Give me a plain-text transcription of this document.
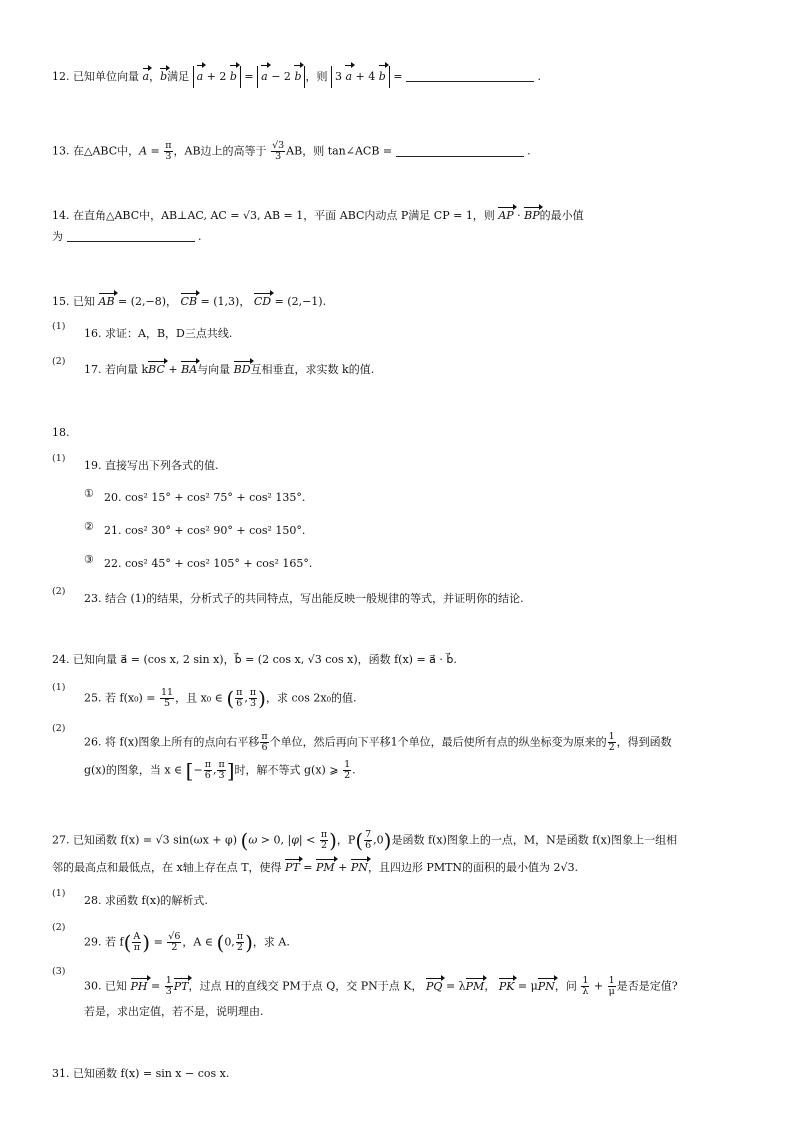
12. 已知单位向量 a，b满足 a + 2 b = a − 2 b ，则 3 a + 4 b =	.
13. 在△ABC中，$A = \frac{\pi}{3}$ ，AB边上的高等于 $\frac{√3}{3}$ AB，则 tan∠ACB =	.
14. 在直角△ABC中，AB⊥AC, AC = √3, AB = 1，平面 ABC内动点 P满足 CP = 1，则 AP · BP的最小值
为	.
15. 已知 AB = (2,−8)， CB = (1,3)， CD = (2,−1).
(1)
16. 求证：A，B，D三点共线.
(2)
17. 若向量 kBC + BA与向量 BD互相垂直，求实数 k的值.
18.
(1)
19. 直接写出下列各式的值.
① 20. cos² 15° + cos² 75° + cos² 135°.
② 21. cos² 30° + cos² 90° + cos² 150°.
③ 22. cos² 45° + cos² 105° + cos² 165°.
(2)
23. 结合 (1)的结果，分析式子的共同特点，写出能反映一般规律的等式，并证明你的结论.
24. 已知向量 a⃗ = (cos x, 2 sin x)，b⃗ = (2 cos x, √3 cos x)，函数 f(x) = a⃗ · b⃗.
(1)
25. 若 $f(x_0) = \frac{11}{5}$ ，且 x₀ ∈ ( $\frac{\pi}{6}$ , $\frac{\pi}{3}$ )，求 cos 2x₀的值.
(2)
26. 将 f(x)图象上所有的点向右平移 $\frac{\pi}{6}$ 个单位，然后再向下平移1个单位，最后使所有点的纵坐标变为原来的 $\frac{1}{2}$ ，得到函数
g(x)的图象，当 x ∈ [− $\frac{\pi}{6}$ , $\frac{\pi}{3}$ ]时，解不等式 g(x) ⩾ $\frac{1}{2}$ .
27. 已知函数 f(x) = √3 sin(ωx + φ) (ω > 0, $|\varphi| < \frac{\pi}{2}$ )，$P( \frac{7}{6} ,0)$是函数 f(x)图象上的一点，M，N是函数 f(x)图象上一组相
邻的最高点和最低点，在 x轴上存在点 T，使得 PT = PM + PN，且四边形 PMTN的面积的最小值为 2√3.
(1)
28. 求函数 f(x)的解析式.
(2)
29. 若 $f( \frac{A}{\pi}$ ) = $\frac{√6}{2}$ ，A ∈ (0, $\frac{\pi}{2}$ )，求 A.
(3)
30. 已知 PH = $\frac{1}{3}$ PT，过点 H的直线交 PM于点 Q，交 PN于点 K， PQ = λPM， PK = μPN，问 $\frac{1}{\lambda} + \frac{1}{\mu}$ 是否是定值?
若是，求出定值，若不是，说明理由.
31. 已知函数 f(x) = sin x − cos x.
